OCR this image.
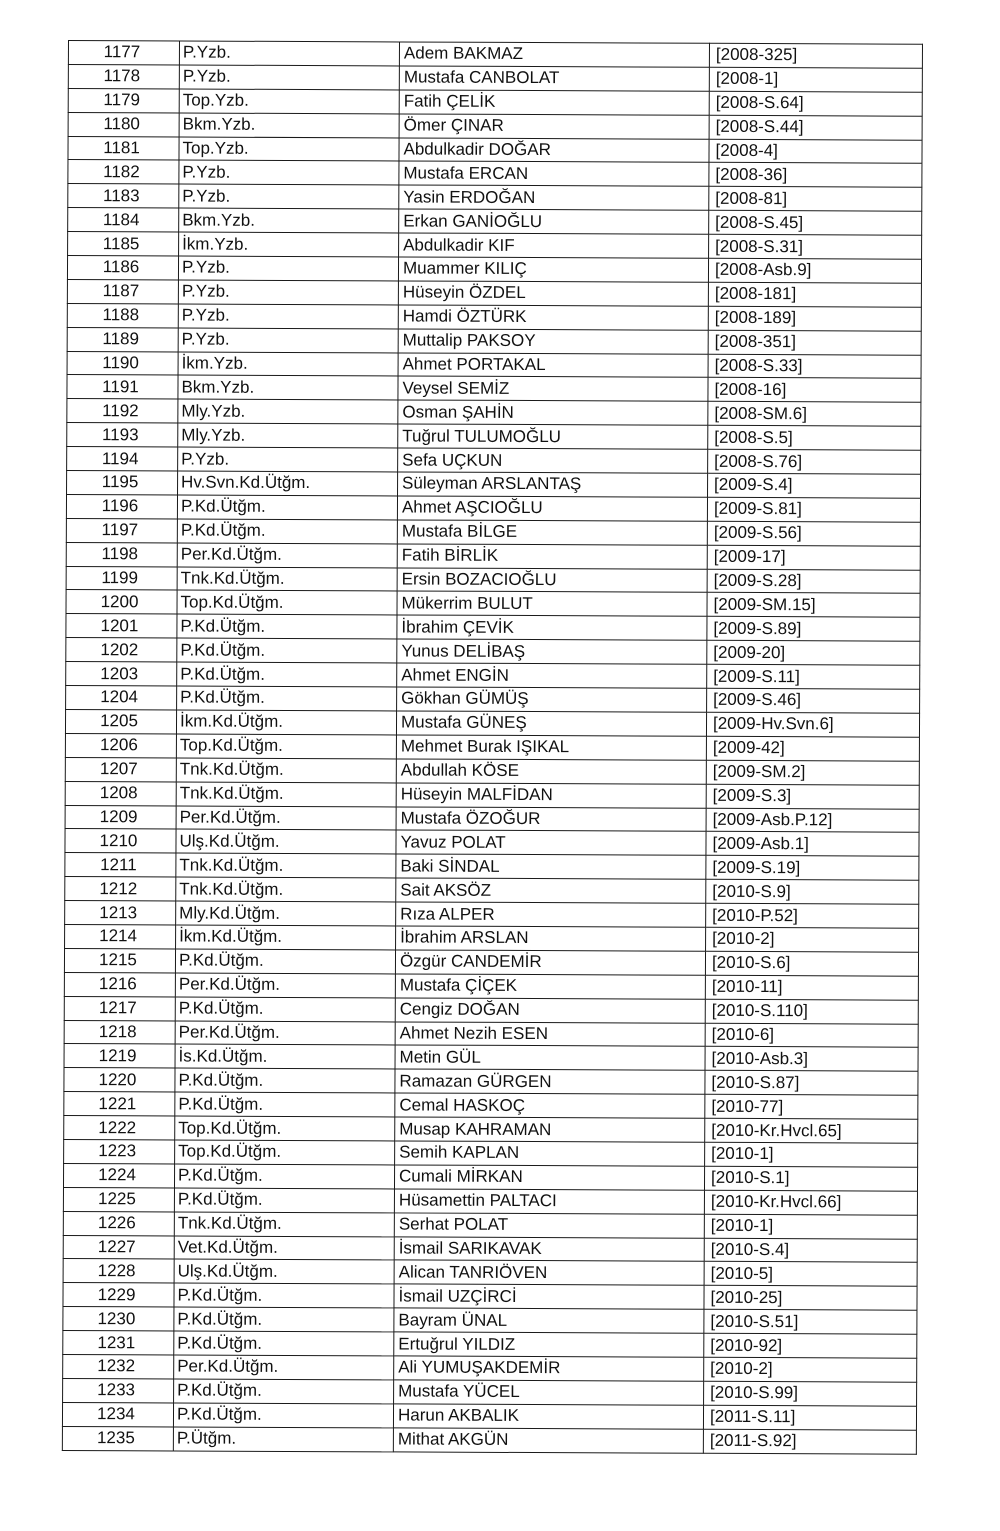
1177	P.Yzb.	Adem BAKMAZ	[2008-325]
1178	P.Yzb.	Mustafa CANBOLAT	[2008-1]
1179	Top.Yzb.	Fatih ÇELİK	[2008-S.64]
1180	Bkm.Yzb.	Ömer ÇINAR	[2008-S.44]
1181	Top.Yzb.	Abdulkadir DOĞAR	[2008-4]
1182	P.Yzb.	Mustafa ERCAN	[2008-36]
1183	P.Yzb.	Yasin ERDOĞAN	[2008-81]
1184	Bkm.Yzb.	Erkan GANİOĞLU	[2008-S.45]
1185	İkm.Yzb.	Abdulkadir KIF	[2008-S.31]
1186	P.Yzb.	Muammer KILIÇ	[2008-Asb.9]
1187	P.Yzb.	Hüseyin ÖZDEL	[2008-181]
1188	P.Yzb.	Hamdi ÖZTÜRK	[2008-189]
1189	P.Yzb.	Muttalip PAKSOY	[2008-351]
1190	İkm.Yzb.	Ahmet PORTAKAL	[2008-S.33]
1191	Bkm.Yzb.	Veysel SEMİZ	[2008-16]
1192	Mly.Yzb.	Osman ŞAHİN	[2008-SM.6]
1193	Mly.Yzb.	Tuğrul TULUMOĞLU	[2008-S.5]
1194	P.Yzb.	Sefa UÇKUN	[2008-S.76]
1195	Hv.Svn.Kd.Ütğm.	Süleyman ARSLANTAŞ	[2009-S.4]
1196	P.Kd.Ütğm.	Ahmet AŞCIOĞLU	[2009-S.81]
1197	P.Kd.Ütğm.	Mustafa BİLGE	[2009-S.56]
1198	Per.Kd.Ütğm.	Fatih BİRLİK	[2009-17]
1199	Tnk.Kd.Ütğm.	Ersin BOZACIOĞLU	[2009-S.28]
1200	Top.Kd.Ütğm.	Mükerrim BULUT	[2009-SM.15]
1201	P.Kd.Ütğm.	İbrahim ÇEVİK	[2009-S.89]
1202	P.Kd.Ütğm.	Yunus DELİBAŞ	[2009-20]
1203	P.Kd.Ütğm.	Ahmet ENGİN	[2009-S.11]
1204	P.Kd.Ütğm.	Gökhan GÜMÜŞ	[2009-S.46]
1205	İkm.Kd.Ütğm.	Mustafa GÜNEŞ	[2009-Hv.Svn.6]
1206	Top.Kd.Ütğm.	Mehmet Burak IŞIKAL	[2009-42]
1207	Tnk.Kd.Ütğm.	Abdullah KÖSE	[2009-SM.2]
1208	Tnk.Kd.Ütğm.	Hüseyin MALFİDAN	[2009-S.3]
1209	Per.Kd.Ütğm.	Mustafa ÖZOĞUR	[2009-Asb.P.12]
1210	Ulş.Kd.Ütğm.	Yavuz POLAT	[2009-Asb.1]
1211	Tnk.Kd.Ütğm.	Baki SİNDAL	[2009-S.19]
1212	Tnk.Kd.Ütğm.	Sait AKSÖZ	[2010-S.9]
1213	Mly.Kd.Ütğm.	Rıza ALPER	[2010-P.52]
1214	İkm.Kd.Ütğm.	İbrahim ARSLAN	[2010-2]
1215	P.Kd.Ütğm.	Özgür CANDEMİR	[2010-S.6]
1216	Per.Kd.Ütğm.	Mustafa ÇİÇEK	[2010-11]
1217	P.Kd.Ütğm.	Cengiz DOĞAN	[2010-S.110]
1218	Per.Kd.Ütğm.	Ahmet Nezih ESEN	[2010-6]
1219	İs.Kd.Ütğm.	Metin GÜL	[2010-Asb.3]
1220	P.Kd.Ütğm.	Ramazan GÜRGEN	[2010-S.87]
1221	P.Kd.Ütğm.	Cemal HASKOÇ	[2010-77]
1222	Top.Kd.Ütğm.	Musap KAHRAMAN	[2010-Kr.Hvcl.65]
1223	Top.Kd.Ütğm.	Semih KAPLAN	[2010-1]
1224	P.Kd.Ütğm.	Cumali MİRKAN	[2010-S.1]
1225	P.Kd.Ütğm.	Hüsamettin PALTACI	[2010-Kr.Hvcl.66]
1226	Tnk.Kd.Ütğm.	Serhat POLAT	[2010-1]
1227	Vet.Kd.Ütğm.	İsmail SARIKAVAK	[2010-S.4]
1228	Ulş.Kd.Ütğm.	Alican TANRIÖVEN	[2010-5]
1229	P.Kd.Ütğm.	İsmail UZÇİRCİ	[2010-25]
1230	P.Kd.Ütğm.	Bayram ÜNAL	[2010-S.51]
1231	P.Kd.Ütğm.	Ertuğrul YILDIZ	[2010-92]
1232	Per.Kd.Ütğm.	Ali YUMUŞAKDEMİR	[2010-2]
1233	P.Kd.Ütğm.	Mustafa YÜCEL	[2010-S.99]
1234	P.Kd.Ütğm.	Harun AKBALIK	[2011-S.11]
1235	P.Ütğm.	Mithat AKGÜN	[2011-S.92]
